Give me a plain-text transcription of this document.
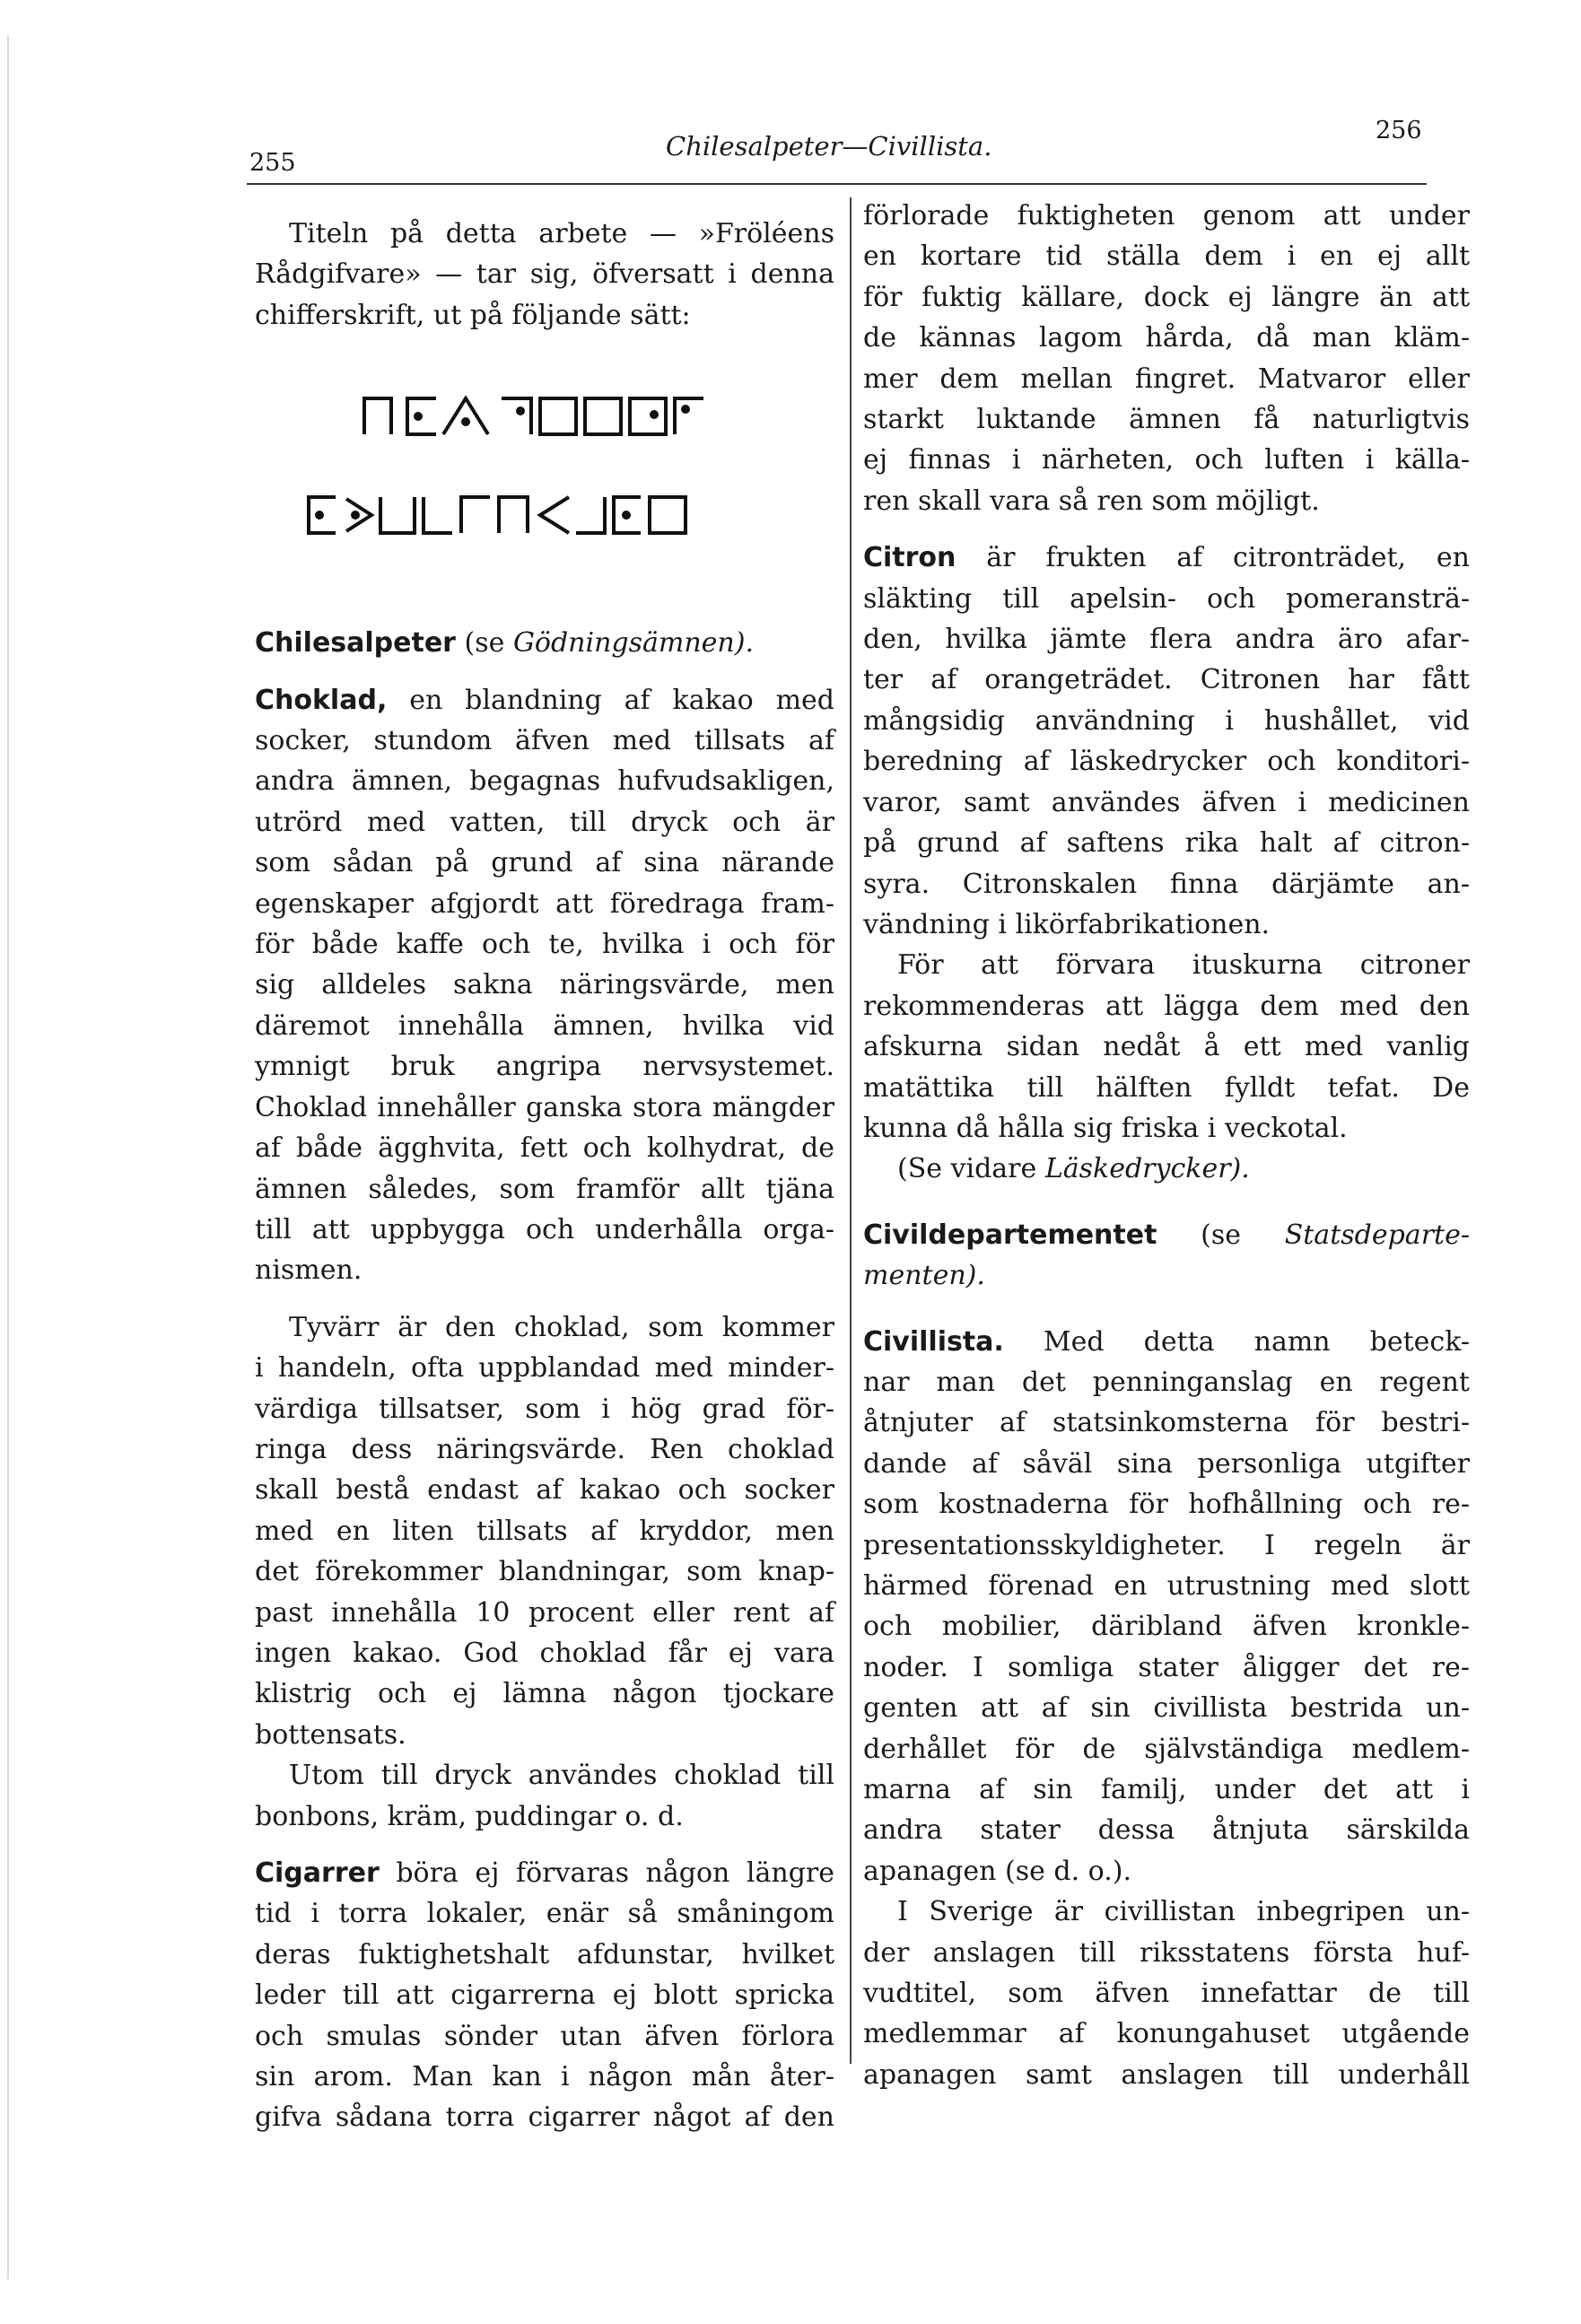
255
Chilesalpeter—Civillista.
256

Titeln på detta arbete — »Fröléens

Rådgifvare» — tar sig, öfversatt i denna

chifferskrift, ut på följande sätt:

Chilesalpeter (se Gödningsämnen).

Choklad, en blandning af kakao med

socker, stundom äfven med tillsats af

andra ämnen, begagnas hufvudsakligen,

utrörd med vatten, till dryck och är

som sådan på grund af sina närande

egenskaper afgjordt att föredraga fram-

för både kaffe och te, hvilka i och för

sig alldeles sakna näringsvärde, men

däremot innehålla ämnen, hvilka vid

ymnigt bruk angripa nervsystemet.

Choklad innehåller ganska stora mängder

af både ägghvita, fett och kolhydrat, de

ämnen således, som framför allt tjäna

till att uppbygga och underhålla orga-

nismen.

Tyvärr är den choklad, som kommer

i handeln, ofta uppblandad med minder-

värdiga tillsatser, som i hög grad för-

ringa dess näringsvärde. Ren choklad

skall bestå endast af kakao och socker

med en liten tillsats af kryddor, men

det förekommer blandningar, som knap-

past innehålla 10 procent eller rent af

ingen kakao. God choklad får ej vara

klistrig och ej lämna någon tjockare

bottensats.

Utom till dryck användes choklad till

bonbons, kräm, puddingar o. d.

Cigarrer böra ej förvaras någon längre

tid i torra lokaler, enär så småningom

deras fuktighetshalt afdunstar, hvilket

leder till att cigarrerna ej blott spricka

och smulas sönder utan äfven förlora

sin arom. Man kan i någon mån åter-

gifva sådana torra cigarrer något af den

förlorade fuktigheten genom att under

en kortare tid ställa dem i en ej allt

för fuktig källare, dock ej längre än att

de kännas lagom hårda, då man kläm-

mer dem mellan fingret. Matvaror eller

starkt luktande ämnen få naturligtvis

ej finnas i närheten, och luften i källa-

ren skall vara så ren som möjligt.

Citron är frukten af citronträdet, en

släkting till apelsin- och pomeransträ-

den, hvilka jämte flera andra äro afar-

ter af orangeträdet. Citronen har fått

mångsidig användning i hushållet, vid

beredning af läskedrycker och konditori-

varor, samt användes äfven i medicinen

på grund af saftens rika halt af citron-

syra. Citronskalen finna därjämte an-

vändning i likörfabrikationen.

För att förvara ituskurna citroner

rekommenderas att lägga dem med den

afskurna sidan nedåt å ett med vanlig

matättika till hälften fylldt tefat. De

kunna då hålla sig friska i veckotal.

(Se vidare Läskedrycker).

Civildepartementet (se Statsdeparte-

menten).

Civillista. Med detta namn beteck-

nar man det penninganslag en regent

åtnjuter af statsinkomsterna för bestri-

dande af såväl sina personliga utgifter

som kostnaderna för hofhållning och re-

presentationsskyldigheter. I regeln är

härmed förenad en utrustning med slott

och mobilier, däribland äfven kronkle-

noder. I somliga stater åligger det re-

genten att af sin civillista bestrida un-

derhållet för de självständiga medlem-

marna af sin familj, under det att i

andra stater dessa åtnjuta särskilda

apanagen (se d. o.).

I Sverige är civillistan inbegripen un-

der anslagen till riksstatens första huf-

vudtitel, som äfven innefattar de till

medlemmar af konungahuset utgående

apanagen samt anslagen till underhåll
